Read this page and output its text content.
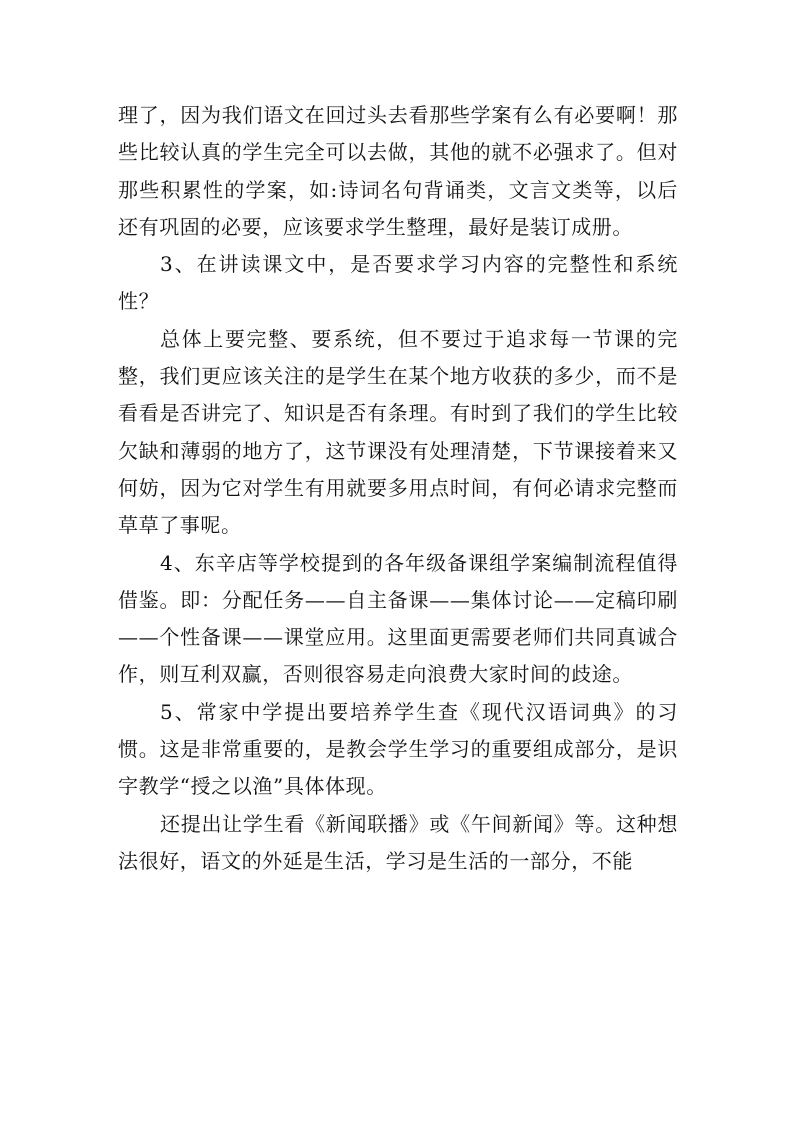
理了，因为我们语文在回过头去看那些学案有么有必要啊！那些比较认真的学生完全可以去做，其他的就不必强求了。但对那些积累性的学案，如:诗词名句背诵类，文言文类等，以后还有巩固的必要，应该要求学生整理，最好是装订成册。

3、在讲读课文中，是否要求学习内容的完整性和系统性？

总体上要完整、要系统，但不要过于追求每一节课的完整，我们更应该关注的是学生在某个地方收获的多少，而不是看看是否讲完了、知识是否有条理。有时到了我们的学生比较欠缺和薄弱的地方了，这节课没有处理清楚，下节课接着来又何妨，因为它对学生有用就要多用点时间，有何必请求完整而草草了事呢。

4、东辛店等学校提到的各年级备课组学案编制流程值得借鉴。即：分配任务——自主备课——集体讨论——定稿印刷——个性备课——课堂应用。这里面更需要老师们共同真诚合作，则互利双赢，否则很容易走向浪费大家时间的歧途。

5、常家中学提出要培养学生查《现代汉语词典》的习惯。这是非常重要的，是教会学生学习的重要组成部分，是识字教学“授之以渔”具体体现。

还提出让学生看《新闻联播》或《午间新闻》等。这种想法很好，语文的外延是生活，学习是生活的一部分，不能
